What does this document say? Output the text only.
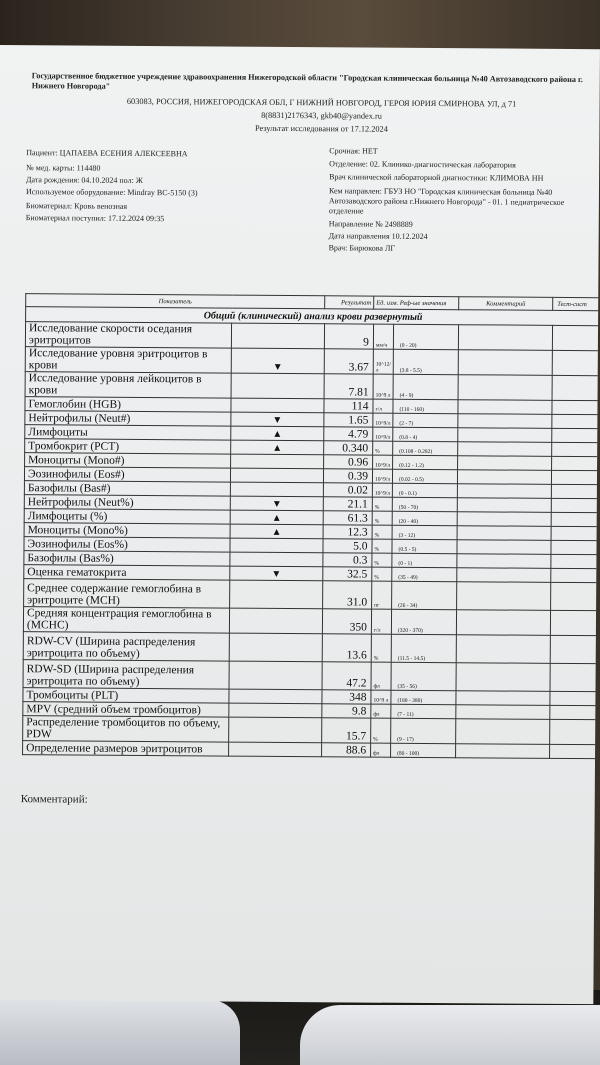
Государственное бюджетное учреждение здравоохранения Нижегородской области "Городская клиническая больница №40 Автозаводского района г. Нижнего Новгорода"
603083, РОССИЯ, НИЖЕГОРОДСКАЯ ОБЛ, Г НИЖНИЙ НОВГОРОД, ГЕРОЯ ЮРИЯ СМИРНОВА УЛ, д 71
8(8831)2176343, gkb40@yandex.ru
Результат исследования от 17.12.2024
Пациент: ЦАПАЕВА ЕСЕНИЯ АЛЕКСЕЕВНА
№ мед. карты: 114480
Дата рождения: 04.10.2024 пол: Ж
Используемое оборудование: Mindray BC-5150 (3)
Биоматериал: Кровь венозная
Биоматериал поступил: 17.12.2024 09:35
Срочная: НЕТ
Отделение: 02. Клинико-диагностическая лаборатория
Врач клинической лабораторной диагностики: КЛИМОВА НН
Кем направлен: ГБУЗ НО "Городская клиническая больница №40
Автозаводского района г.Нижнего Новгорода" - 01. 1 педиатрическое
отделение
Направление № 2498889
Дата направления 10.12.2024
Врач: Бирюкова ЛГ
Показатель		Результат	Ед. изм. Реф-ые значения		Комментарий	Тест-сист
Общий (клинический) анализ крови развернутый						
Исследование скорости оседания эритроцитов		9	мм/ч	(0 - 20)		
Исследование уровня эритроцитов в крови	▼	3.67	10^12/л	(3.8 - 5.5)		
Исследование уровня лейкоцитов в крови		7.81	10^9 л	(4 - 9)		
Гемоглобин (HGB)		114	г/л	(110 - 160)		
Нейтрофилы (Neut#)	▼	1.65	10^9/л	(2 - 7)		
Лимфоциты	▲	4.79	10^9/л	(0.8 - 4)		
Тромбокрит (PCT)	▲	0.340	%	(0.108 - 0.282)		
Моноциты (Mono#)		0.96	10^9/л	(0.12 - 1.2)		
Эозинофилы (Eos#)		0.39	10^9/л	(0.02 - 0.5)		
Базофилы (Bas#)		0.02	10^9/л	(0 - 0.1)		
Нейтрофилы (Neut%)	▼	21.1	%	(50 - 70)		
Лимфоциты (%)	▲	61.3	%	(20 - 40)		
Моноциты (Mono%)	▲	12.3	%	(3 - 12)		
Эозинофилы (Eos%)		5.0	%	(0.5 - 5)		
Базофилы (Bas%)		0.3	%	(0 - 1)		
Оценка гематокрита	▼	32.5	%	(35 - 49)		
Среднее содержание гемоглобина в эритроците (MCH)		31.0	пг	(26 - 34)		
Средняя концентрация гемоглобина в (MCHC)		350	г/л	(320 - 370)		
RDW-CV (Ширина распределения эритроцита по объему)		13.6	%	(11.5 - 14.5)		
RDW-SD (Ширина распределения эритроцита по объему)		47.2	фл	(35 - 56)		
Тромбоциты (PLT)		348	10^9 л	(180 - 380)		
MPV (средний объем тромбоцитов)		9.8	фл	(7 - 11)		
Распределение тромбоцитов по объему, PDW		15.7	%	(9 - 17)		
Определение размеров эритроцитов		88.6	фл	(80 - 100)		
Комментарий:
